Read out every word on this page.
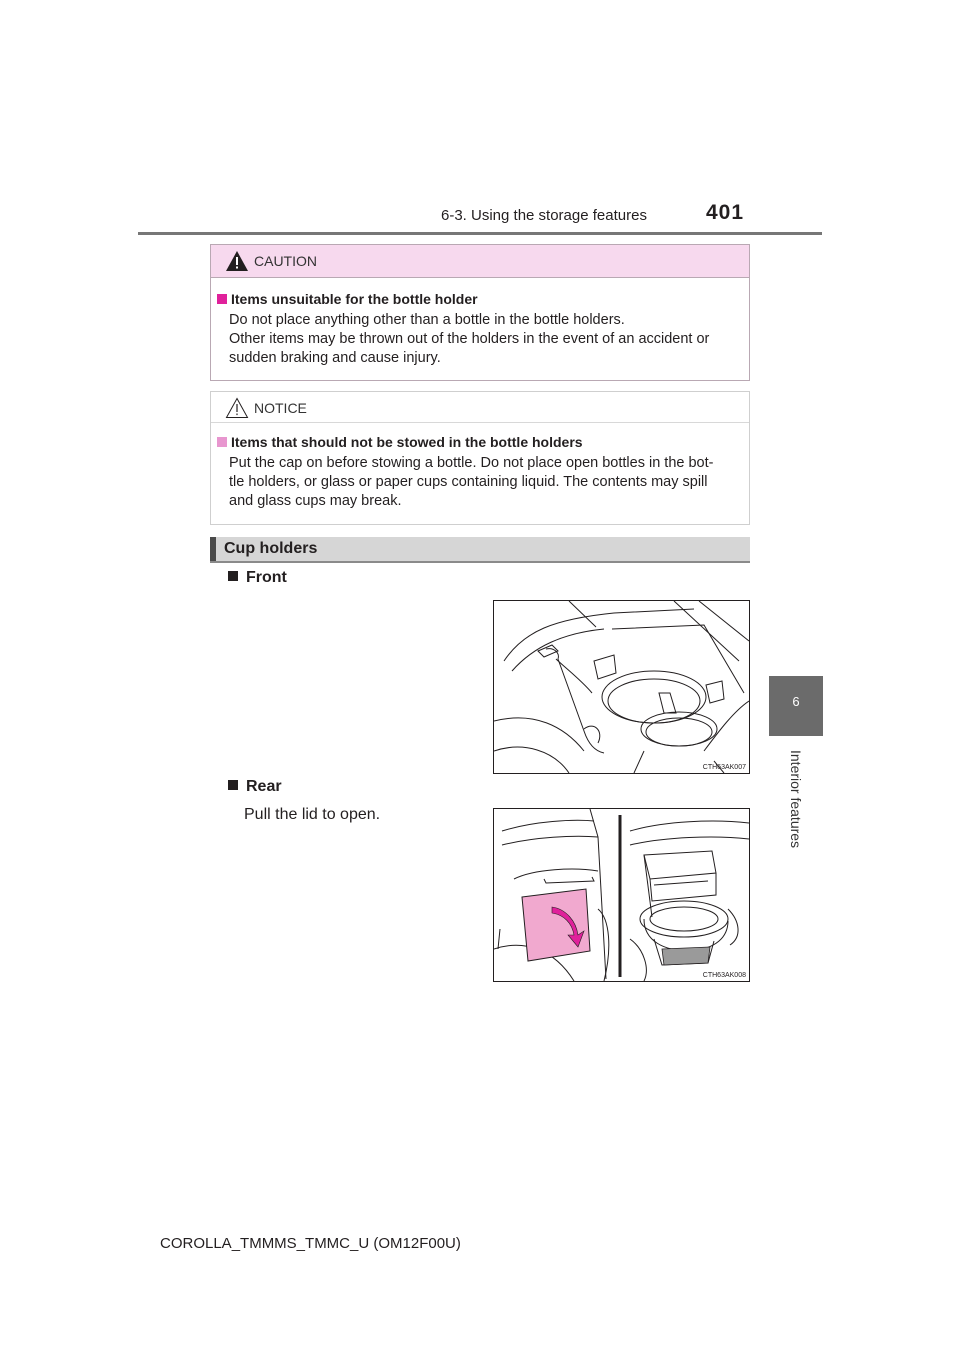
6-3. Using the storage features	401
6
Interior features
CAUTION
Items unsuitable for the bottle holder
Do not place anything other than a bottle in the bottle holders.
Other items may be thrown out of the holders in the event of an accident or
sudden braking and cause injury.
NOTICE
Items that should not be stowed in the bottle holders
Put the cap on before stowing a bottle. Do not place open bottles in the bot-
tle holders, or glass or paper cups containing liquid. The contents may spill
and glass cups may break.
Cup holders
Front
CTH63AK007
Rear
Pull the lid to open.
CTH63AK008
COROLLA_TMMMS_TMMC_U (OM12F00U)
